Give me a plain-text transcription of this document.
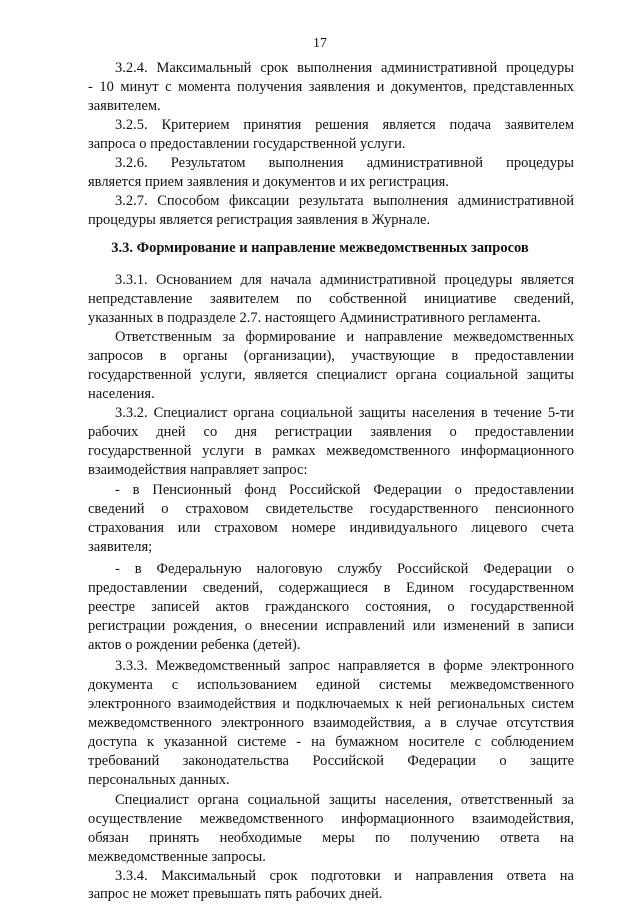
17
3.2.4. Максимальный срок выполнения административной процедуры
- 10 минут с момента получения заявления и документов, представленных
заявителем.
3.2.5. Критерием принятия решения является подача заявителем
запроса о предоставлении государственной услуги.
3.2.6. Результатом выполнения административной процедуры
является прием заявления и документов и их регистрация.
3.2.7. Способом фиксации результата выполнения административной
процедуры является регистрация заявления в Журнале.
3.3. Формирование и направление межведомственных запросов
3.3.1. Основанием для начала административной процедуры является
непредставление заявителем по собственной инициативе сведений,
указанных в подразделе 2.7. настоящего Административного регламента.
Ответственным за формирование и направление межведомственных
запросов в органы (организации), участвующие в предоставлении
государственной услуги, является специалист органа социальной защиты
населения.
3.3.2. Специалист органа социальной защиты населения в течение 5-ти
рабочих дней со дня регистрации заявления о предоставлении
государственной услуги в рамках межведомственного информационного
взаимодействия направляет запрос:
- в Пенсионный фонд Российской Федерации о предоставлении
сведений о страховом свидетельстве государственного пенсионного
страхования или страховом номере индивидуального лицевого счета
заявителя;
- в Федеральную налоговую службу Российской Федерации о
предоставлении сведений, содержащиеся в Едином государственном
реестре записей актов гражданского состояния, о государственной
регистрации рождения, о внесении исправлений или изменений в записи
актов о рождении ребенка (детей).
3.3.3. Межведомственный запрос направляется в форме электронного
документа с использованием единой системы межведомственного
электронного взаимодействия и подключаемых к ней региональных систем
межведомственного электронного взаимодействия, а в случае отсутствия
доступа к указанной системе - на бумажном носителе с соблюдением
требований законодательства Российской Федерации о защите
персональных данных.
Специалист органа социальной защиты населения, ответственный за
осуществление межведомственного информационного взаимодействия,
обязан принять необходимые меры по получению ответа на
межведомственные запросы.
3.3.4. Максимальный срок подготовки и направления ответа на
запрос не может превышать пять рабочих дней.
